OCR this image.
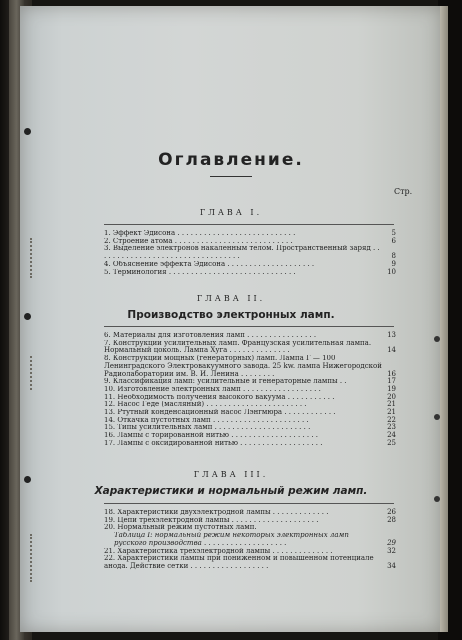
Оглавление.
Стр.
ГЛАВА I.
1. Эффект Эдисона . . . . . . . . . . . . . . . . . . . . . . . . . . .	5
2. Строение атома . . . . . . . . . . . . . . . . . . . . . . . . . . .	6
3. Выделение электронов накаленным телом. Пространственный заряд . . . . . . . . . . . . . . . . . . . . . . . . . . . . . . . . .	8
4. Объяснение эффекта Эдисона . . . . . . . . . . . . . . . . . . . .	9
5. Терминология . . . . . . . . . . . . . . . . . . . . . . . . . . . . .	10
ГЛАВА II.
Производство электронных ламп.
6. Материалы для изготовления ламп . . . . . . . . . . . . . . . .	13
7. Конструкции усилительных ламп. Французская усилительная лампа. Нормальный цоколь. Лампа Хуга . . . . . . . . . . . . . .	14
8. Конструкции мощных (генераторных) ламп. Лампа Г — 100 Ленинградского Электровакуумного завода. 25 kw. лампа Нижегородской Радиолаборатории им. В. И. Ленина . . . . . . . .	16
9. Классификация ламп: усилительные и генераторные лампы . .	17
10. Изготовление электронных ламп . . . . . . . . . . . . . . . . . .	19
11. Необходимость получения высокого вакуума . . . . . . . . . . .	20
12. Насос Геде (масляный) . . . . . . . . . . . . . . . . . . . . . . .	21
13. Ртутный конденсационный насос Лэнгмюра . . . . . . . . . . . .	21
14. Откачка пустотных ламп . . . . . . . . . . . . . . . . . . . . . .	22
15. Типы усилительных ламп . . . . . . . . . . . . . . . . . . . . . .	23
16. Лампы с торированной нитью . . . . . . . . . . . . . . . . . . . .	24
17. Лампы с оксидированной нитью . . . . . . . . . . . . . . . . . . .	25
ГЛАВА III.
Характеристики и нормальный режим ламп.
18. Характеристики двухэлектродной лампы . . . . . . . . . . . . .	26
19. Цепи трехэлектродной лампы . . . . . . . . . . . . . . . . . . . .	28
20. Нормальный режим пустотных ламп.
Таблица I: нормальный режим некоторых электронных ламп русского производства . . . . . . . . . . . . . . . . . . .	29
21. Характеристика трехэлектродной лампы . . . . . . . . . . . . . .	32
22. Характеристики лампы при пониженном и повышенном потенциале анода. Действие сетки . . . . . . . . . . . . . . . . . .	34
